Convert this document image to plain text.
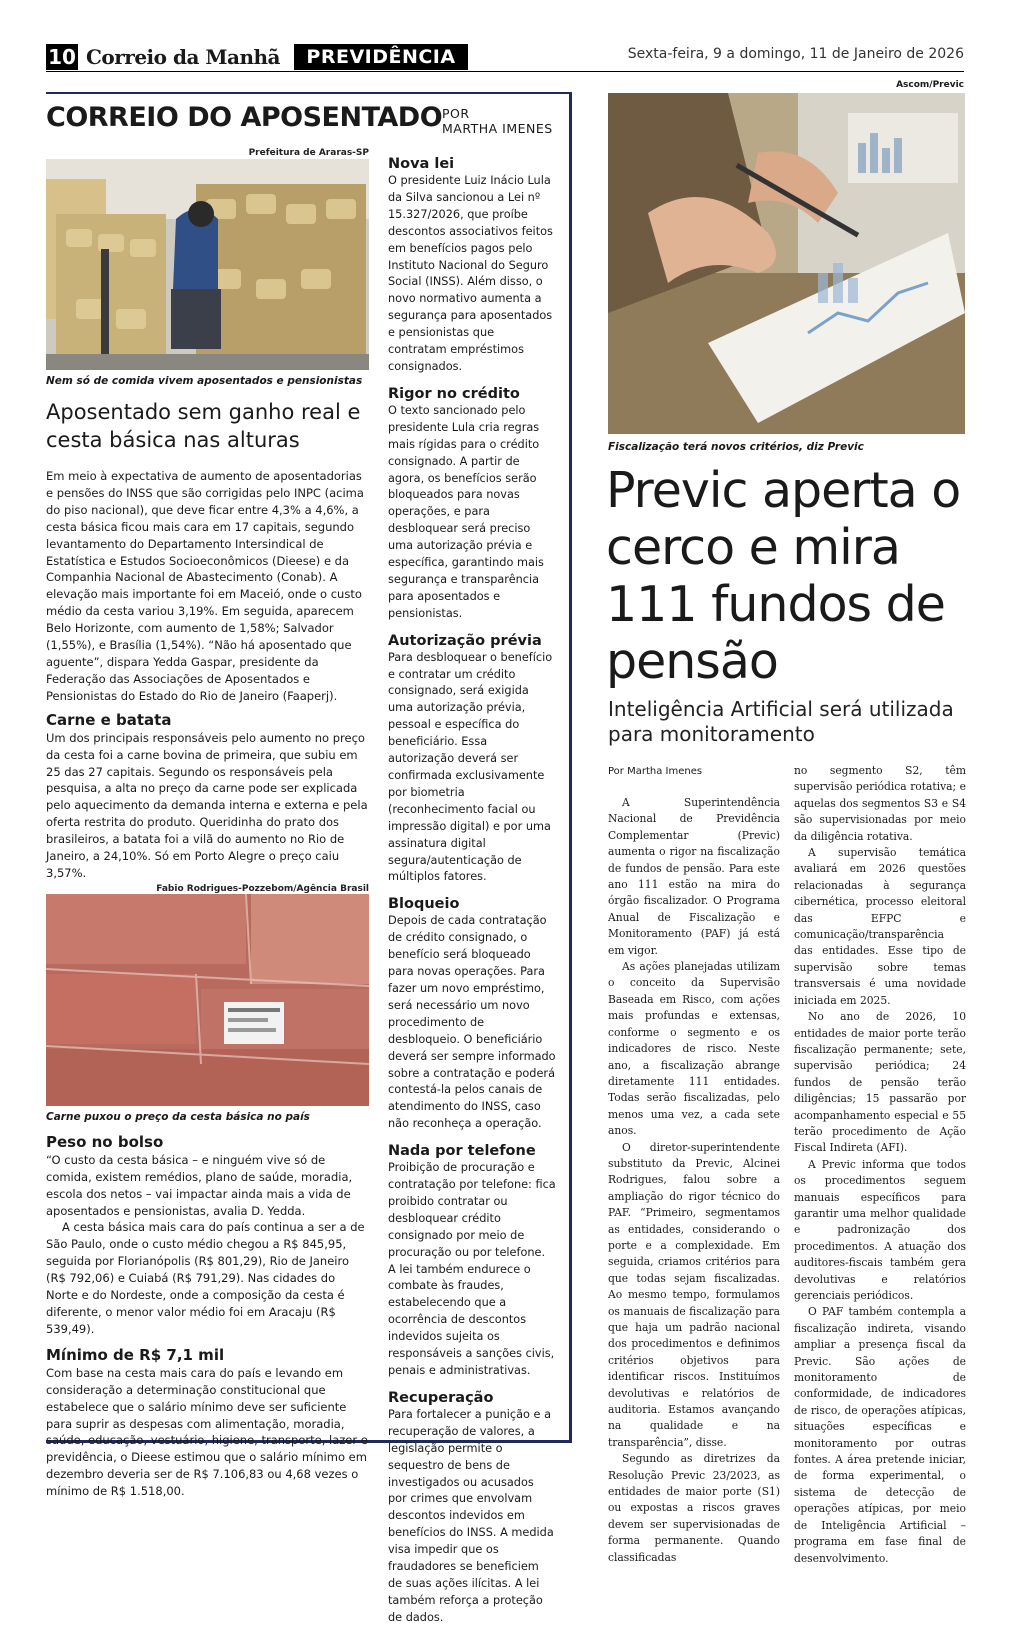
10 Correio da Manhã	PREVIDÊNCIA	Sexta-feira, 9 a domingo, 11 de Janeiro de 2026
CORREIO DO APOSENTADO POR
MARTHA IMENES
Prefeitura de Araras-SP
Nem só de comida vivem aposentados e pensionistas
Aposentado sem ganho real e cesta básica nas alturas
Em meio à expectativa de aumento de aposentadorias e pensões do INSS que são corrigidas pelo INPC (acima do piso nacional), que deve ficar entre 4,3% a 4,6%, a cesta básica ficou mais cara em 17 capitais, segundo levantamento do Departamento Intersindical de Estatística e Estudos Socioeconômicos (Dieese) e da Companhia Nacional de Abastecimento (Conab). A elevação mais importante foi em Maceió, onde o custo médio da cesta variou 3,19%. Em seguida, aparecem Belo Horizonte, com aumento de 1,58%; Salvador (1,55%), e Brasília (1,54%). “Não há aposentado que aguente”, dispara Yedda Gaspar, presidente da Federação das Associações de Aposentados e Pensionistas do Estado do Rio de Janeiro (Faaperj).
Carne e batata
Um dos principais responsáveis pelo aumento no preço da cesta foi a carne bovina de primeira, que subiu em 25 das 27 capitais. Segundo os responsáveis pela pesquisa, a alta no preço da carne pode ser explicada pelo aquecimento da demanda interna e externa e pela oferta restrita do produto. Queridinha do prato dos brasileiros, a batata foi a vilã do aumento no Rio de Janeiro, a 24,10%. Só em Porto Alegre o preço caiu 3,57%.
Fabio Rodrigues-Pozzebom/Agência Brasil
Carne puxou o preço da cesta básica no país
Peso no bolso
“O custo da cesta básica – e ninguém vive só de comida, existem remédios, plano de saúde, moradia, escola dos netos – vai impactar ainda mais a vida de aposentados e pensionistas, avalia D. Yedda.
A cesta básica mais cara do país continua a ser a de São Paulo, onde o custo médio chegou a R$ 845,95, seguida por Florianópolis (R$ 801,29), Rio de Janeiro (R$ 792,06) e Cuiabá (R$ 791,29). Nas cidades do Norte e do Nordeste, onde a composição da cesta é diferente, o menor valor médio foi em Aracaju (R$ 539,49).
Mínimo de R$ 7,1 mil
Com base na cesta mais cara do país e levando em consideração a determinação constitucional que estabelece que o salário mínimo deve ser suficiente para suprir as despesas com alimentação, moradia, saúde, educação, vestuário, higiene, transporte, lazer e previdência, o Dieese estimou que o salário mínimo em dezembro deveria ser de R$ 7.106,83 ou 4,68 vezes o mínimo de R$ 1.518,00.
Nova lei
O presidente Luiz Inácio Lula da Silva sancionou a Lei nº 15.327/2026, que proíbe descontos associativos feitos em benefícios pagos pelo Instituto Nacional do Seguro Social (INSS). Além disso, o novo normativo aumenta a segurança para aposentados e pensionistas que contratam empréstimos consignados.
Rigor no crédito
O texto sancionado pelo presidente Lula cria regras mais rígidas para o crédito consignado. A partir de agora, os benefícios serão bloqueados para novas operações, e para desbloquear será preciso uma autorização prévia e específica, garantindo mais segurança e transparência para aposentados e pensionistas.
Autorização prévia
Para desbloquear o benefício e contratar um crédito consignado, será exigida uma autorização prévia, pessoal e específica do beneficiário. Essa autorização deverá ser confirmada exclusivamente por biometria (reconhecimento facial ou impressão digital) e por uma assinatura digital segura/autenticação de múltiplos fatores.
Bloqueio
Depois de cada contratação de crédito consignado, o benefício será bloqueado para novas operações. Para fazer um novo empréstimo, será necessário um novo procedimento de desbloqueio. O beneficiário deverá ser sempre informado sobre a contratação e poderá contestá-la pelos canais de atendimento do INSS, caso não reconheça a operação.
Nada por telefone
Proibição de procuração e contratação por telefone: fica proibido contratar ou desbloquear crédito consignado por meio de procuração ou por telefone. A lei também endurece o combate às fraudes, estabelecendo que a ocorrência de descontos indevidos sujeita os responsáveis a sanções civis, penais e administrativas.
Recuperação
Para fortalecer a punição e a recuperação de valores, a legislação permite o sequestro de bens de investigados ou acusados por crimes que envolvam descontos indevidos em benefícios do INSS. A medida visa impedir que os fraudadores se beneficiem de suas ações ilícitas. A lei também reforça a proteção de dados.
Ascom/Previc
Fiscalização terá novos critérios, diz Previc
Previc aperta o cerco e mira 111 fundos de pensão
Inteligência Artificial será utilizada para monitoramento
Por Martha Imenes

A Superintendência Nacional de Previdência Complementar (Previc) aumenta o rigor na fiscalização de fundos de pensão. Para este ano 111 estão na mira do órgão fiscalizador. O Programa Anual de Fiscalização e Monitoramento (PAF) já está em vigor.

As ações planejadas utilizam o conceito da Supervisão Baseada em Risco, com ações mais profundas e extensas, conforme o segmento e os indicadores de risco. Neste ano, a fiscalização abrange diretamente 111 entidades. Todas serão fiscalizadas, pelo menos uma vez, a cada sete anos.

O diretor-superintendente substituto da Previc, Alcinei Rodrigues, falou sobre a ampliação do rigor técnico do PAF. “Primeiro, segmentamos as entidades, considerando o porte e a complexidade. Em seguida, criamos critérios para que todas sejam fiscalizadas. Ao mesmo tempo, formulamos os manuais de fiscalização para que haja um padrão nacional dos procedimentos e definimos critérios objetivos para identificar riscos. Instituímos devolutivas e relatórios de auditoria. Estamos avançando na qualidade e na transparência”, disse.

Segundo as diretrizes da Resolução Previc 23/2023, as entidades de maior porte (S1) ou expostas a riscos graves devem ser supervisionadas de forma permanente. Quando classificadas

no segmento S2, têm supervisão periódica rotativa; e aquelas dos segmentos S3 e S4 são supervisionadas por meio da diligência rotativa.

A supervisão temática avaliará em 2026 questões relacionadas à segurança cibernética, processo eleitoral das EFPC e comunicação/transparência das entidades. Esse tipo de supervisão sobre temas transversais é uma novidade iniciada em 2025.

No ano de 2026, 10 entidades de maior porte terão fiscalização permanente; sete, supervisão periódica; 24 fundos de pensão terão diligências; 15 passarão por acompanhamento especial e 55 terão procedimento de Ação Fiscal Indireta (AFI).

A Previc informa que todos os procedimentos seguem manuais específicos para garantir uma melhor qualidade e padronização dos procedimentos. A atuação dos auditores-fiscais também gera devolutivas e relatórios gerenciais periódicos.

O PAF também contempla a fiscalização indireta, visando ampliar a presença fiscal da Previc. São ações de monitoramento de conformidade, de indicadores de risco, de operações atípicas, situações específicas e monitoramento por outras fontes. A área pretende iniciar, de forma experimental, o sistema de detecção de operações atípicas, por meio de Inteligência Artificial – programa em fase final de desenvolvimento.
